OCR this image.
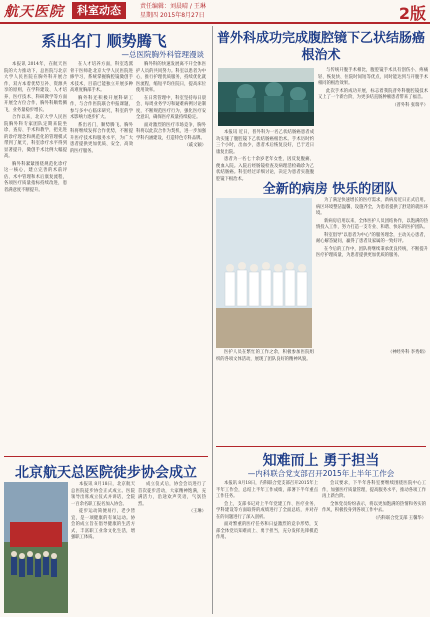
航天医院	科室动态	责任编辑：刘晨晴 / 王琳
星期四 2015年8月27日	2版
系出名门 顺势腾飞
—总医院胸外科管理漫谈

本报讯 2014年，在航天医院的大力推动下，总医院与北京大学人民医院在胸外科开展合作，双方本着优势互补、资源共享的原则，在学科建设、人才培养、医疗技术、科研教学等方面开展全方位合作，胸外科顺势腾飞，业务量稳步增长。

合作以来，北京大学人民医院胸外科专家团队定期来院坐诊、查房、手术和教学，把先进的诊疗理念和规范化的管理模式带到了航天，科室诊疗水平得到显著提升，微创手术比例大幅提高。

胸外科紧紧围绕规范化诊疗这一核心，建立完善的术前评估、术中管理和术后康复流程，各项医疗质量指标持续改进，患者满意度不断提升。

在人才培养方面，科室选派骨干医师赴北京大学人民医院进修学习，系统掌握胸腔镜微创手术技术，目前已能独立开展多种高难度胸部手术。

胸外科还积极开展科研工作，与合作医院联合申报课题，参与多中心临床研究，科室的学术影响力逐步扩大。

系出名门，顺势腾飞。胸外科将继续发挥合作优势，不断提升医疗技术和服务水平，为广大患者提供更加优质、安全、高效的医疗服务。

胸外科的快速发展离不开全体医护人员的共同努力。科室以患者为中心，推行护理优质服务，持续优化就医流程，缩短平均住院日，提高床位使用效率。

在日常管理中，科室坚持每日晨会、每周业务学习和疑难病例讨论制度，不断规范医疗行为，强化医疗安全意识，确保医疗质量持续稳定。

面对激烈的医疗市场竞争，胸外科将以此次合作为契机，进一步加强学科内涵建设，打造特色专科品牌。

（戚文颖）

北京航天总医院徒步协会成立

本报讯 8月18日，北京航天总医院徒步协会正式成立。医院领导出席成立仪式并讲话，全院一百余名职工报名加入协会。

徒步运动简便易行，老少皆宜，是一项健康的有氧运动。协会的成立旨在倡导健康的生活方式，丰富职工业余文化生活，增强职工体质。

成立仪式后，协会会员进行了首次徒步活动，大家精神饱满，充满活力，沿途欢声笑语，气氛热烈。

（王琳）

普外科成功完成腹腔镜下乙状结肠癌根治术

与传统开腹手术相比，腹腔镜手术具有创伤小、疼痛轻、恢复快、住院时间短等优点，同时能达到与开腹手术相同的根治效果。

此次手术的成功开展，标志着我院普外科腹腔镜技术又上了一个新台阶，为更多结直肠肿瘤患者带来了福音。

（普外科 张瑞平）

本报讯 近日，普外科为一名乙状结肠癌患者成功实施了腹腔镜下乙状结肠癌根治术。手术历时约三个小时，出血少，患者术后恢复良好，已于近日康复出院。

患者为一名七十余岁老年女性，因反复腹痛、便血入院。入院后经肠镜检查及病理活检确诊为乙状结肠癌。科室经过详细讨论，决定为患者实施腹腔镜下根治术。

全新的病房 快乐的团队

为了满足快速增长的医疗需求，新病房近日正式启用。病区环境整洁温馨，设施齐全，为患者提供了舒适的就医环境。

新病房启用以来，全体医护人员团结协作，以饱满的热情投入工作，努力打造一支专业、和谐、快乐的医护团队。

科室倡导"以患者为中心"的服务理念，主动关心患者，耐心解答疑问，赢得了患者及家属的一致好评。

在今后的工作中，团队将继续秉承优良传统，不断提升医疗护理质量，为患者提供更加优质的服务。

医护人员在繁忙的工作之余，积极参加医院组织的各项文体活动，展现了团队良好的精神风貌。

（神经外科 李秀娟）

知难而上 勇于担当
—内科联合党支部召开2015年上半年工作会

本报讯 8月18日，内科联合党支部召开2015年上半年工作会，总结上半年工作成绩，部署下半年重点工作任务。

会上，支部书记对上半年党建工作、医疗业务、学科建设等方面取得的成绩进行了全面总结，并对存在的问题进行了深入剖析。

面对繁重的医疗任务和日益激烈的竞争形势，支部全体党员知难而上、勇于担当，充分发挥先锋模范作用。

会议要求，下半年各科室要继续围绕医院中心工作，加强医疗质量管理，提高服务水平，推动各项工作再上新台阶。

全体党员纷纷表示，将以更加饱满的热情和务实的作风，积极投身到各项工作中去。

（内科联合党支部 王馨华）
